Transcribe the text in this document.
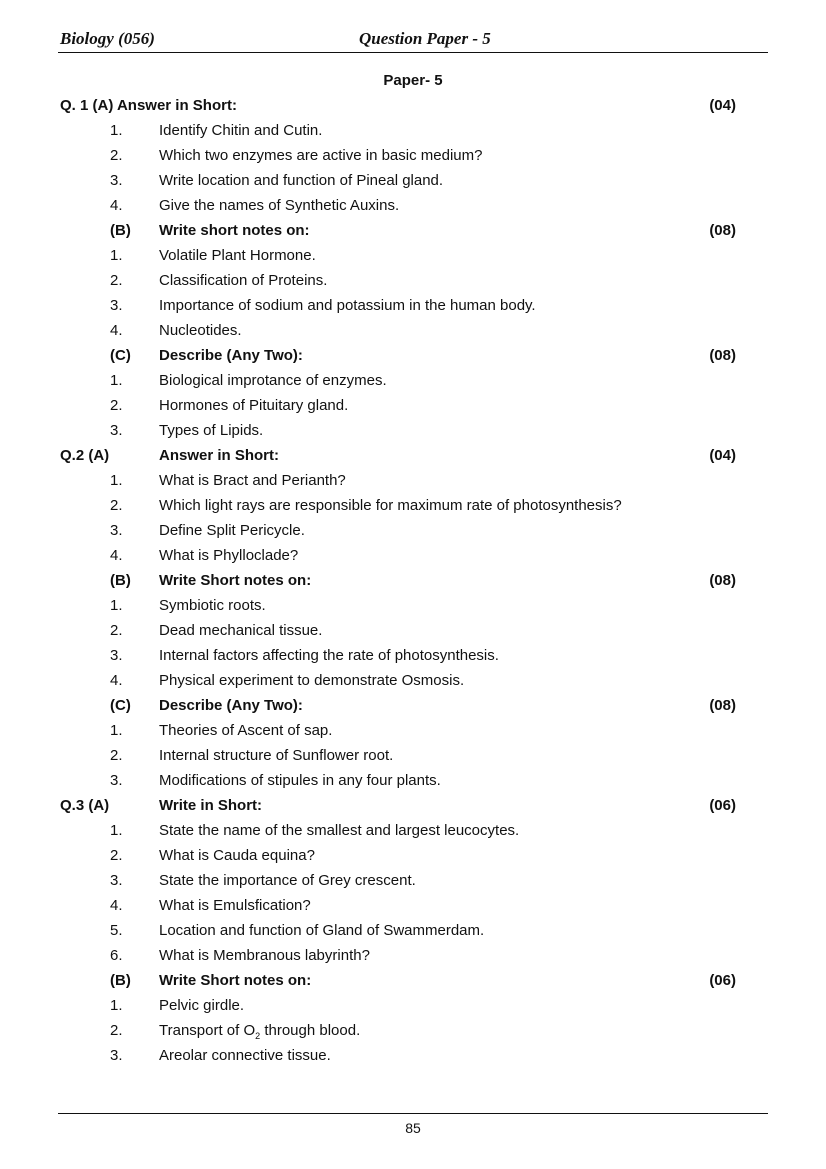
Biology (056)	Question Paper - 5
Paper- 5
Q. 1 (A) Answer in Short:	(04)
1. Identify Chitin and Cutin.
2. Which two enzymes are active in basic medium?
3. Write location and function of Pineal gland.
4. Give the names of Synthetic Auxins.
(B) Write short notes on:	(08)
1. Volatile Plant Hormone.
2. Classification of Proteins.
3. Importance of sodium and potassium in the human body.
4. Nucleotides.
(C) Describe (Any Two):	(08)
1. Biological improtance of enzymes.
2. Hormones of Pituitary gland.
3. Types of Lipids.
Q.2 (A)	Answer in Short:	(04)
1. What is Bract and Perianth?
2. Which light rays are responsible for maximum rate of photosynthesis?
3. Define Split Pericycle.
4. What is Phylloclade?
(B) Write Short notes on:	(08)
1. Symbiotic roots.
2. Dead mechanical tissue.
3. Internal factors affecting the rate of photosynthesis.
4. Physical experiment to demonstrate Osmosis.
(C) Describe (Any Two):	(08)
1. Theories of Ascent of sap.
2. Internal structure of Sunflower root.
3. Modifications of stipules in any four plants.
Q.3 (A)	Write in Short:	(06)
1. State the name of the smallest and largest leucocytes.
2. What is Cauda equina?
3. State the importance of Grey crescent.
4. What is Emulsfication?
5. Location and function of Gland of Swammerdam.
6. What is Membranous labyrinth?
(B) Write Short notes on:	(06)
1. Pelvic girdle.
2. Transport of $O_2$ through blood.
3. Areolar connective tissue.
85
